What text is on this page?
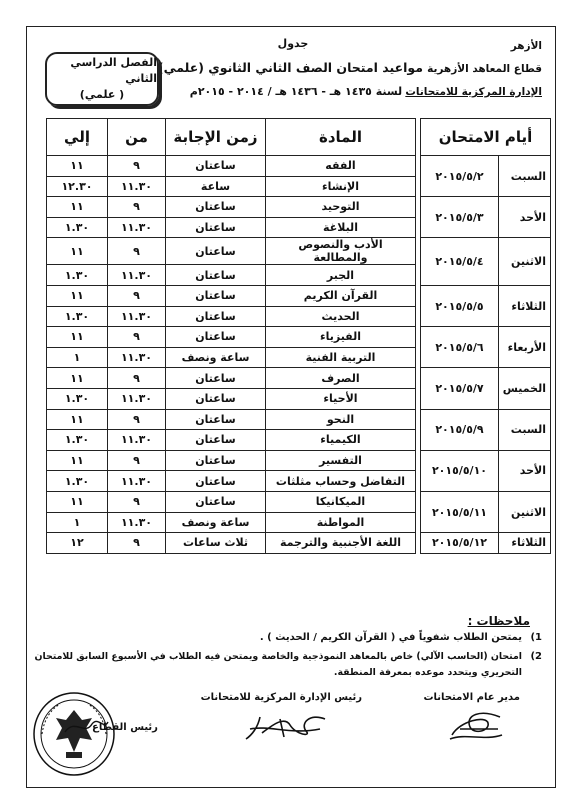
الأزهر
قطاع المعاهد الأزهرية
الإدارة المركزية للامتحانات
جدول
مواعيد امتحان الصف الثاني الثانوي (علمي)
لسنة ١٤٣٥ هـ - ١٤٣٦ هـ / ٢٠١٤ - ٢٠١٥م
الفصل الدراسي الثاني
( علمي)
أيام الامتحان			المادة	زمن الإجابة	من	إلي
السبت	٢٠١٥/٥/٢		الفقه	ساعتان	٩	١١
			الإنشاء	ساعة	١١.٣٠	١٢.٣٠
الأحد	٢٠١٥/٥/٣		التوحيد	ساعتان	٩	١١
			البلاغة	ساعتان	١١.٣٠	١.٣٠
الاثنين	٢٠١٥/٥/٤		الأدب والنصوص والمطالعة	ساعتان	٩	١١
			الجبر	ساعتان	١١.٣٠	١.٣٠
الثلاثاء	٢٠١٥/٥/٥		القرآن الكريم	ساعتان	٩	١١
			الحديث	ساعتان	١١.٣٠	١.٣٠
الأربعاء	٢٠١٥/٥/٦		الفيزياء	ساعتان	٩	١١
			التربية الفنية	ساعة ونصف	١١.٣٠	١
الخميس	٢٠١٥/٥/٧		الصرف	ساعتان	٩	١١
			الأحياء	ساعتان	١١.٣٠	١.٣٠
السبت	٢٠١٥/٥/٩		النحو	ساعتان	٩	١١
			الكيمياء	ساعتان	١١.٣٠	١.٣٠
الأحد	٢٠١٥/٥/١٠		التفسير	ساعتان	٩	١١
			التفاضل وحساب مثلثات	ساعتان	١١.٣٠	١.٣٠
الاثنين	٢٠١٥/٥/١١		الميكانيكا	ساعتان	٩	١١
			المواطنة	ساعة ونصف	١١.٣٠	١
الثلاثاء	٢٠١٥/٥/١٢		اللغة الأجنبية والترجمة	ثلاث ساعات	٩	١٢
ملاحظات :
1)
يمتحن الطلاب شفوياً في ( القرآن الكريم / الحديث ) .
2)
امتحان (الحاسب الآلي) خاص بالمعاهد النموذجية والخاصة ويمتحن فيه الطلاب في الأسبوع السابق للامتحان
التحريري ويتحدد موعده بمعرفة المنطقة.
مدير عام الامتحانات
رئيس الإدارة المركزية للامتحانات
رئيس القطاع
